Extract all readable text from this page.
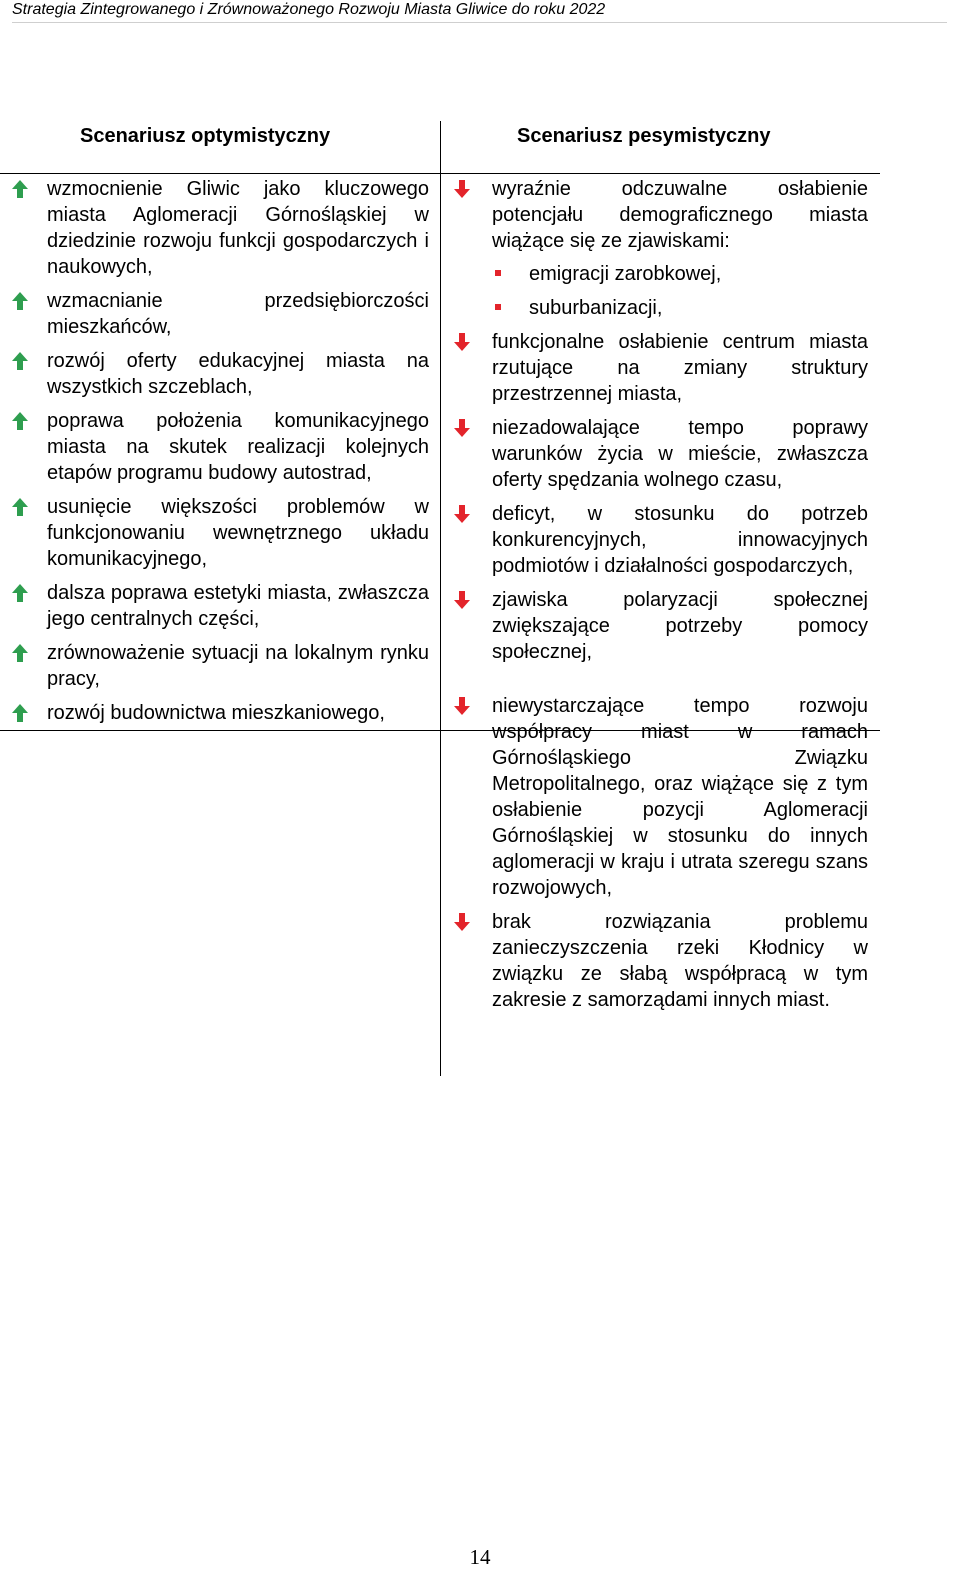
Strategia Zintegrowanego i Zrównoważonego Rozwoju Miasta Gliwice do roku 2022
Scenariusz optymistyczny	Scenariusz pesymistyczny
wzmocnienie Gliwic jako kluczowego miasta Aglomeracji Górnośląskiej w dziedzinie rozwoju funkcji gospodarczych i naukowych,
wzmacnianie przedsiębiorczości mieszkańców,
rozwój oferty edukacyjnej miasta na wszystkich szczeblach,
poprawa położenia komunikacyjnego miasta na skutek realizacji kolejnych etapów programu budowy autostrad,
usunięcie większości problemów w funkcjonowaniu wewnętrznego układu komunikacyjnego,
dalsza poprawa estetyki miasta, zwłaszcza jego centralnych części,
zrównoważenie sytuacji na lokalnym rynku pracy,
rozwój budownictwa mieszkaniowego,
wyraźnie odczuwalne osłabienie potencjału demograficznego miasta wiążące się ze zjawiskami:
emigracji zarobkowej,
suburbanizacji,
funkcjonalne osłabienie centrum miasta rzutujące na zmiany struktury przestrzennej miasta,
niezadowalające tempo poprawy warunków życia w mieście, zwłaszcza oferty spędzania wolnego czasu,
deficyt, w stosunku do potrzeb konkurencyjnych, innowacyjnych podmiotów i działalności gospodarczych,
zjawiska polaryzacji społecznej zwiększające potrzeby pomocy społecznej,
niewystarczające tempo rozwoju współpracy miast w ramach Górnośląskiego Związku Metropolitalnego, oraz wiążące się z tym osłabienie pozycji Aglomeracji Górnośląskiej w stosunku do innych aglomeracji w kraju i utrata szeregu szans rozwojowych,
brak rozwiązania problemu zanieczyszczenia rzeki Kłodnicy w związku ze słabą współpracą w tym zakresie z samorządami innych miast.
14
